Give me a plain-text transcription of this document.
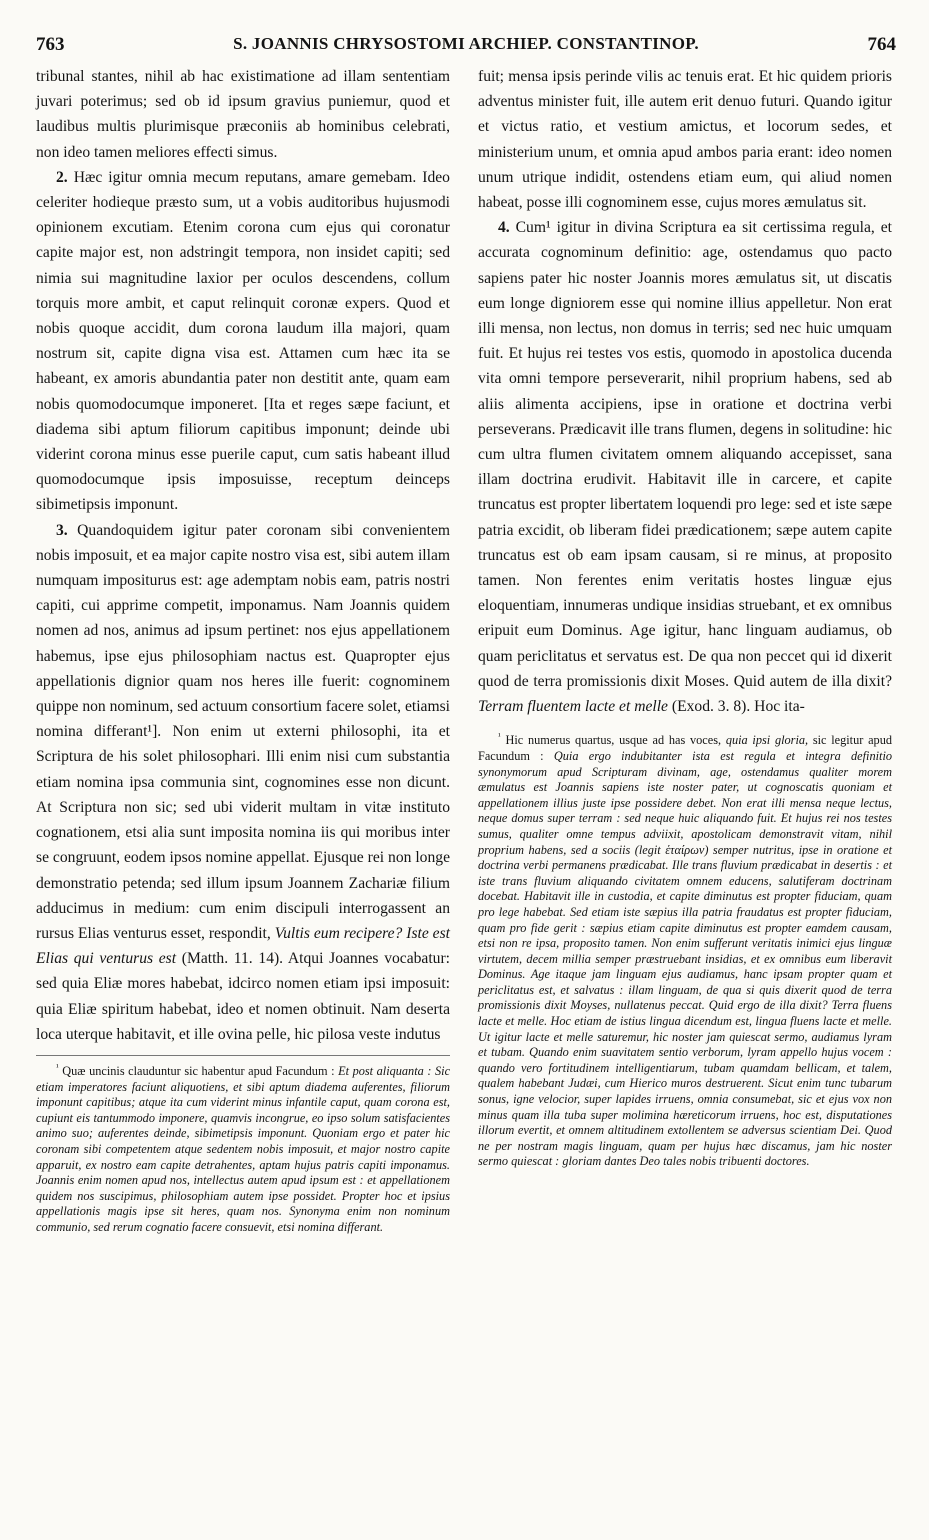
763	S. JOANNIS CHRYSOSTOMI ARCHIEP. CONSTANTINOP.	764

tribunal stantes, nihil ab hac existimatione ad illam sententiam juvari poterimus; sed ob id ipsum gravius puniemur, quod et laudibus multis plurimisque præconiis ab hominibus celebrati, non ideo tamen meliores effecti simus.

2. Hæc igitur omnia mecum reputans, amare gemebam. Ideo celeriter hodieque præsto sum, ut a vobis auditoribus hujusmodi opinionem excutiam. Etenim corona cum ejus qui coronatur capite major est, non adstringit tempora, non insidet capiti; sed nimia sui magnitudine laxior per oculos descendens, collum torquis more ambit, et caput relinquit coronæ expers. Quod et nobis quoque accidit, dum corona laudum illa majori, quam nostrum sit, capite digna visa est. Attamen cum hæc ita se habeant, ex amoris abundantia pater non destitit ante, quam eam nobis quomodocumque imponeret. [Ita et reges sæpe faciunt, et diadema sibi aptum filiorum capitibus imponunt; deinde ubi viderint corona minus esse puerile caput, cum satis habeant illud quomodocumque ipsis imposuisse, receptum deinceps sibimetipsis imponunt.

3. Quandoquidem igitur pater coronam sibi convenientem nobis imposuit, et ea major capite nostro visa est, sibi autem illam numquam impositurus est: age ademptam nobis eam, patris nostri capiti, cui apprime competit, imponamus. Nam Joannis quidem nomen ad nos, animus ad ipsum pertinet: nos ejus appellationem habemus, ipse ejus philosophiam nactus est. Quapropter ejus appellationis dignior quam nos heres ille fuerit: cognominem quippe non nominum, sed actuum consortium facere solet, etiamsi nomina differant¹]. Non enim ut externi philosophi, ita et Scriptura de his solet philosophari. Illi enim nisi cum substantia etiam nomina ipsa communia sint, cognomines esse non dicunt. At Scriptura non sic; sed ubi viderit multam in vitæ instituto cognationem, etsi alia sunt imposita nomina iis qui moribus inter se congruunt, eodem ipsos nomine appellat. Ejusque rei non longe demonstratio petenda; sed illum ipsum Joannem Zachariæ filium adducimus in medium: cum enim discipuli interrogassent an rursus Elias venturus esset, respondit, Vultis eum recipere? Iste est Elias qui venturus est (Matth. 11. 14). Atqui Joannes vocabatur: sed quia Eliæ mores habebat, idcirco nomen etiam ipsi imposuit: quia Eliæ spiritum habebat, ideo et nomen obtinuit. Nam deserta loca uterque habitavit, et ille ovina pelle, hic pilosa veste indutus

$^{^1}$ Quæ uncinis clauduntur sic habentur apud Facundum : Et post aliquanta : Sic etiam imperatores faciunt aliquotiens, et sibi aptum diadema auferentes, filiorum imponunt capitibus; atque ita cum viderint minus infantile caput, quam corona est, cupiunt eis tantummodo imponere, quamvis incongrue, eo ipso solum satisfacientes animo suo; auferentes deinde, sibimetipsis imponunt. Quoniam ergo et pater hic coronam sibi competentem atque sedentem nobis imposuit, et major nostro capite apparuit, ex nostro eam capite detrahentes, aptam hujus patris capiti imponamus. Joannis enim nomen apud nos, intellectus autem apud ipsum est : et appellationem quidem nos suscipimus, philosophiam autem ipse possidet. Propter hoc et ipsius appellationis magis ipse sit heres, quam nos. Synonyma enim non nominum communio, sed rerum cognatio facere consuevit, etsi nomina differant.

fuit; mensa ipsis perinde vilis ac tenuis erat. Et hic quidem prioris adventus minister fuit, ille autem erit denuo futuri. Quando igitur et victus ratio, et vestium amictus, et locorum sedes, et ministerium unum, et omnia apud ambos paria erant: ideo nomen unum utrique indidit, ostendens etiam eum, qui aliud nomen habeat, posse illi cognominem esse, cujus mores æmulatus sit.

4. Cum¹ igitur in divina Scriptura ea sit certissima regula, et accurata cognominum definitio: age, ostendamus quo pacto sapiens pater hic noster Joannis mores æmulatus sit, ut discatis eum longe digniorem esse qui nomine illius appelletur. Non erat illi mensa, non lectus, non domus in terris; sed nec huic umquam fuit. Et hujus rei testes vos estis, quomodo in apostolica ducenda vita omni tempore perseverarit, nihil proprium habens, sed ab aliis alimenta accipiens, ipse in oratione et doctrina verbi perseverans. Prædicavit ille trans flumen, degens in solitudine: hic cum ultra flumen civitatem omnem aliquando accepisset, sana illam doctrina erudivit. Habitavit ille in carcere, et capite truncatus est propter libertatem loquendi pro lege: sed et iste sæpe patria excidit, ob liberam fidei prædicationem; sæpe autem capite truncatus est ob eam ipsam causam, si re minus, at proposito tamen. Non ferentes enim veritatis hostes linguæ ejus eloquentiam, innumeras undique insidias struebant, et ex omnibus eripuit eum Dominus. Age igitur, hanc linguam audiamus, ob quam periclitatus et servatus est. De qua non peccet qui id dixerit quod de terra promissionis dixit Moses. Quid autem de illa dixit? Terram fluentem lacte et melle (Exod. 3. 8). Hoc ita-

$^{^1}$ Hic numerus quartus, usque ad has voces, quia ipsi gloria, sic legitur apud Facundum : Quia ergo indubitanter ista est regula et integra definitio synonymorum apud Scripturam divinam, age, ostendamus qualiter morem æmulatus est Joannis sapiens iste noster pater, ut cognoscatis quoniam et appellationem illius juste ipse possidere debet. Non erat illi mensa neque lectus, neque domus super terram : sed neque huic aliquando fuit. Et hujus rei nos testes sumus, qualiter omne tempus adviixit, apostolicam demonstravit vitam, nihil proprium habens, sed a sociis (legit ἑταίρων) semper nutritus, ipse in oratione et doctrina verbi permanens prædicabat. Ille trans fluvium prædicabat in desertis : et iste trans fluvium aliquando civitatem omnem educens, salutiferam doctrinam docebat. Habitavit ille in custodia, et capite diminutus est propter fiduciam, quam pro lege habebat. Sed etiam iste sæpius illa patria fraudatus est propter fiduciam, quam pro fide gerit : sæpius etiam capite diminutus est propter eamdem causam, etsi non re ipsa, proposito tamen. Non enim sufferunt veritatis inimici ejus linguæ virtutem, decem millia semper præstruebant insidias, et ex omnibus eum liberavit Dominus. Age itaque jam linguam ejus audiamus, hanc ipsam propter quam et periclitatus est, et salvatus : illam linguam, de qua si quis dixerit quod de terra promissionis dixit Moyses, nullatenus peccat. Quid ergo de illa dixit? Terra fluens lacte et melle. Hoc etiam de istius lingua dicendum est, lingua fluens lacte et melle. Ut igitur lacte et melle saturemur, hic noster jam quiescat sermo, audiamus lyram et tubam. Quando enim suavitatem sentio verborum, lyram appello hujus vocem : quando vero fortitudinem intelligentiarum, tubam quamdam bellicam, et talem, qualem habebant Judæi, cum Hierico muros destruerent. Sicut enim tunc tubarum sonus, igne velocior, super lapides irruens, omnia consumebat, sic et ejus vox non minus quam illa tuba super molimina hæreticorum irruens, hoc est, disputationes illorum evertit, et omnem altitudinem extollentem se adversus scientiam Dei. Quod ne per nostram magis linguam, quam per hujus hæc discamus, jam hic noster sermo quiescat : gloriam dantes Deo tales nobis tribuenti doctores.
